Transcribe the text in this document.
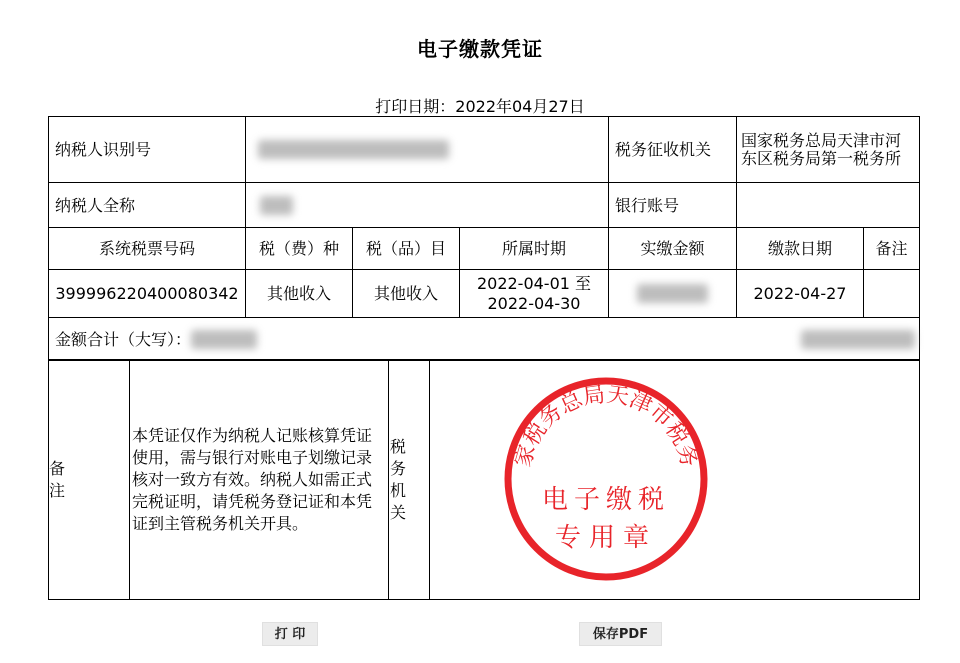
电子缴款凭证
打印日期：2022年04月27日
纳税人识别号				税务征收机关	国家税务总局天津市河东区税务局第一税务所	
纳税人全称				银行账号		
系统税票号码	税（费）种	税（品）目	所属时期	实缴金额	缴款日期	备注
399996220400080342	其他收入	其他收入	2022-04-01 至 2022-04-30		2022-04-27	
金额合计（大写）：						
备注
	本凭证仅作为纳税人记账核算凭证使用，需与银行对账电子划缴记录核对一致方有效。纳税人如需正式完税证明，请凭税务登记证和本凭证到主管税务机关开具。	
税务机关

家税务总局天津市税务
电子缴税
专用章
打 印	保存PDF
